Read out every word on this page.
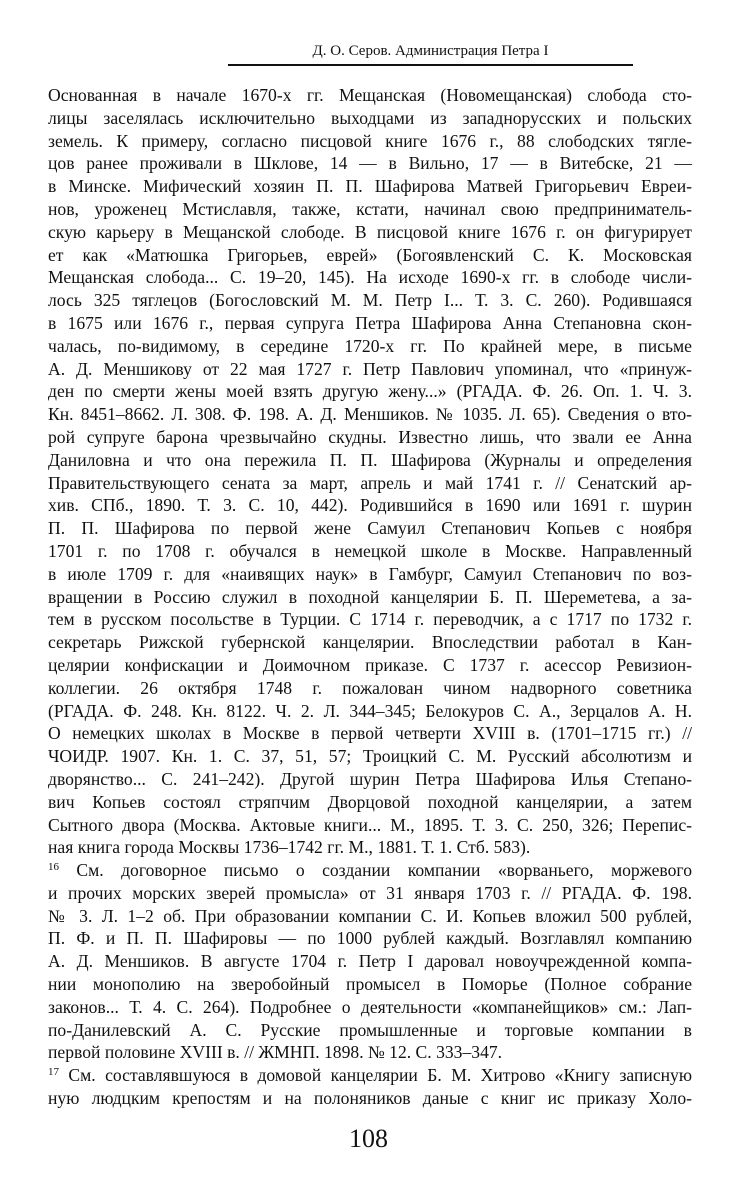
Д. О. Серов. Администрация Петра I
Основанная в начале 1670-х гг. Мещанская (Новомещанская) слобода сто-
лицы заселялась исключительно выходцами из западнорусских и польских
земель. К примеру, согласно писцовой книге 1676 г., 88 слободских тягле-
цов ранее проживали в Шклове, 14 — в Вильно, 17 — в Витебске, 21 —
в Минске. Мифический хозяин П. П. Шафирова Матвей Григорьевич Евреи-
нов, уроженец Мстиславля, также, кстати, начинал свою предприниматель-
скую карьеру в Мещанской слободе. В писцовой книге 1676 г. он фигурирует
ет как «Матюшка Григорьев, еврей» (Богоявленский С. К. Московская
Мещанская слобода... С. 19–20, 145). На исходе 1690-х гг. в слободе числи-
лось 325 тяглецов (Богословский М. М. Петр I... Т. 3. С. 260). Родившаяся
в 1675 или 1676 г., первая супруга Петра Шафирова Анна Степановна скон-
чалась, по-видимому, в середине 1720-х гг. По крайней мере, в письме
А. Д. Меншикову от 22 мая 1727 г. Петр Павлович упоминал, что «принуж-
ден по смерти жены моей взять другую жену...» (РГАДА. Ф. 26. Оп. 1. Ч. 3.
Кн. 8451–8662. Л. 308. Ф. 198. А. Д. Меншиков. № 1035. Л. 65). Сведения о вто-
рой супруге барона чрезвычайно скудны. Известно лишь, что звали ее Анна
Даниловна и что она пережила П. П. Шафирова (Журналы и определения
Правительствующего сената за март, апрель и май 1741 г. // Сенатский ар-
хив. СПб., 1890. Т. 3. С. 10, 442). Родившийся в 1690 или 1691 г. шурин
П. П. Шафирова по первой жене Самуил Степанович Копьев с ноября
1701 г. по 1708 г. обучался в немецкой школе в Москве. Направленный
в июле 1709 г. для «наивящих наук» в Гамбург, Самуил Степанович по воз-
вращении в Россию служил в походной канцелярии Б. П. Шереметева, а за-
тем в русском посольстве в Турции. С 1714 г. переводчик, а с 1717 по 1732 г.
секретарь Рижской губернской канцелярии. Впоследствии работал в Кан-
целярии конфискации и Доимочном приказе. С 1737 г. асессор Ревизион-
коллегии. 26 октября 1748 г. пожалован чином надворного советника
(РГАДА. Ф. 248. Кн. 8122. Ч. 2. Л. 344–345; Белокуров С. А., Зерцалов А. Н.
О немецких школах в Москве в первой четверти XVIII в. (1701–1715 гг.) //
ЧОИДР. 1907. Кн. 1. С. 37, 51, 57; Троицкий С. М. Русский абсолютизм и
дворянство... С. 241–242). Другой шурин Петра Шафирова Илья Степано-
вич Копьев состоял стряпчим Дворцовой походной канцелярии, а затем
Сытного двора (Москва. Актовые книги... М., 1895. Т. 3. С. 250, 326; Перепис-
ная книга города Москвы 1736–1742 гг. М., 1881. Т. 1. Стб. 583).
$^{16}$ См. договорное письмо о создании компании «ворваньего, моржевого
и прочих морских зверей промысла» от 31 января 1703 г. // РГАДА. Ф. 198.
№ 3. Л. 1–2 об. При образовании компании С. И. Копьев вложил 500 рублей,
П. Ф. и П. П. Шафировы — по 1000 рублей каждый. Возглавлял компанию
А. Д. Меншиков. В августе 1704 г. Петр I даровал новоучрежденной компа-
нии монополию на зверобойный промысел в Поморье (Полное собрание
законов... Т. 4. С. 264). Подробнее о деятельности «компанейщиков» см.: Лап-
по-Данилевский А. С. Русские промышленные и торговые компании в
первой половине XVIII в. // ЖМНП. 1898. № 12. С. 333–347.
$^{17}$ См. составлявшуюся в домовой канцелярии Б. М. Хитрово «Книгу записную
ную людцким крепостям и на полоняников даные с книг ис приказу Холо-
108
